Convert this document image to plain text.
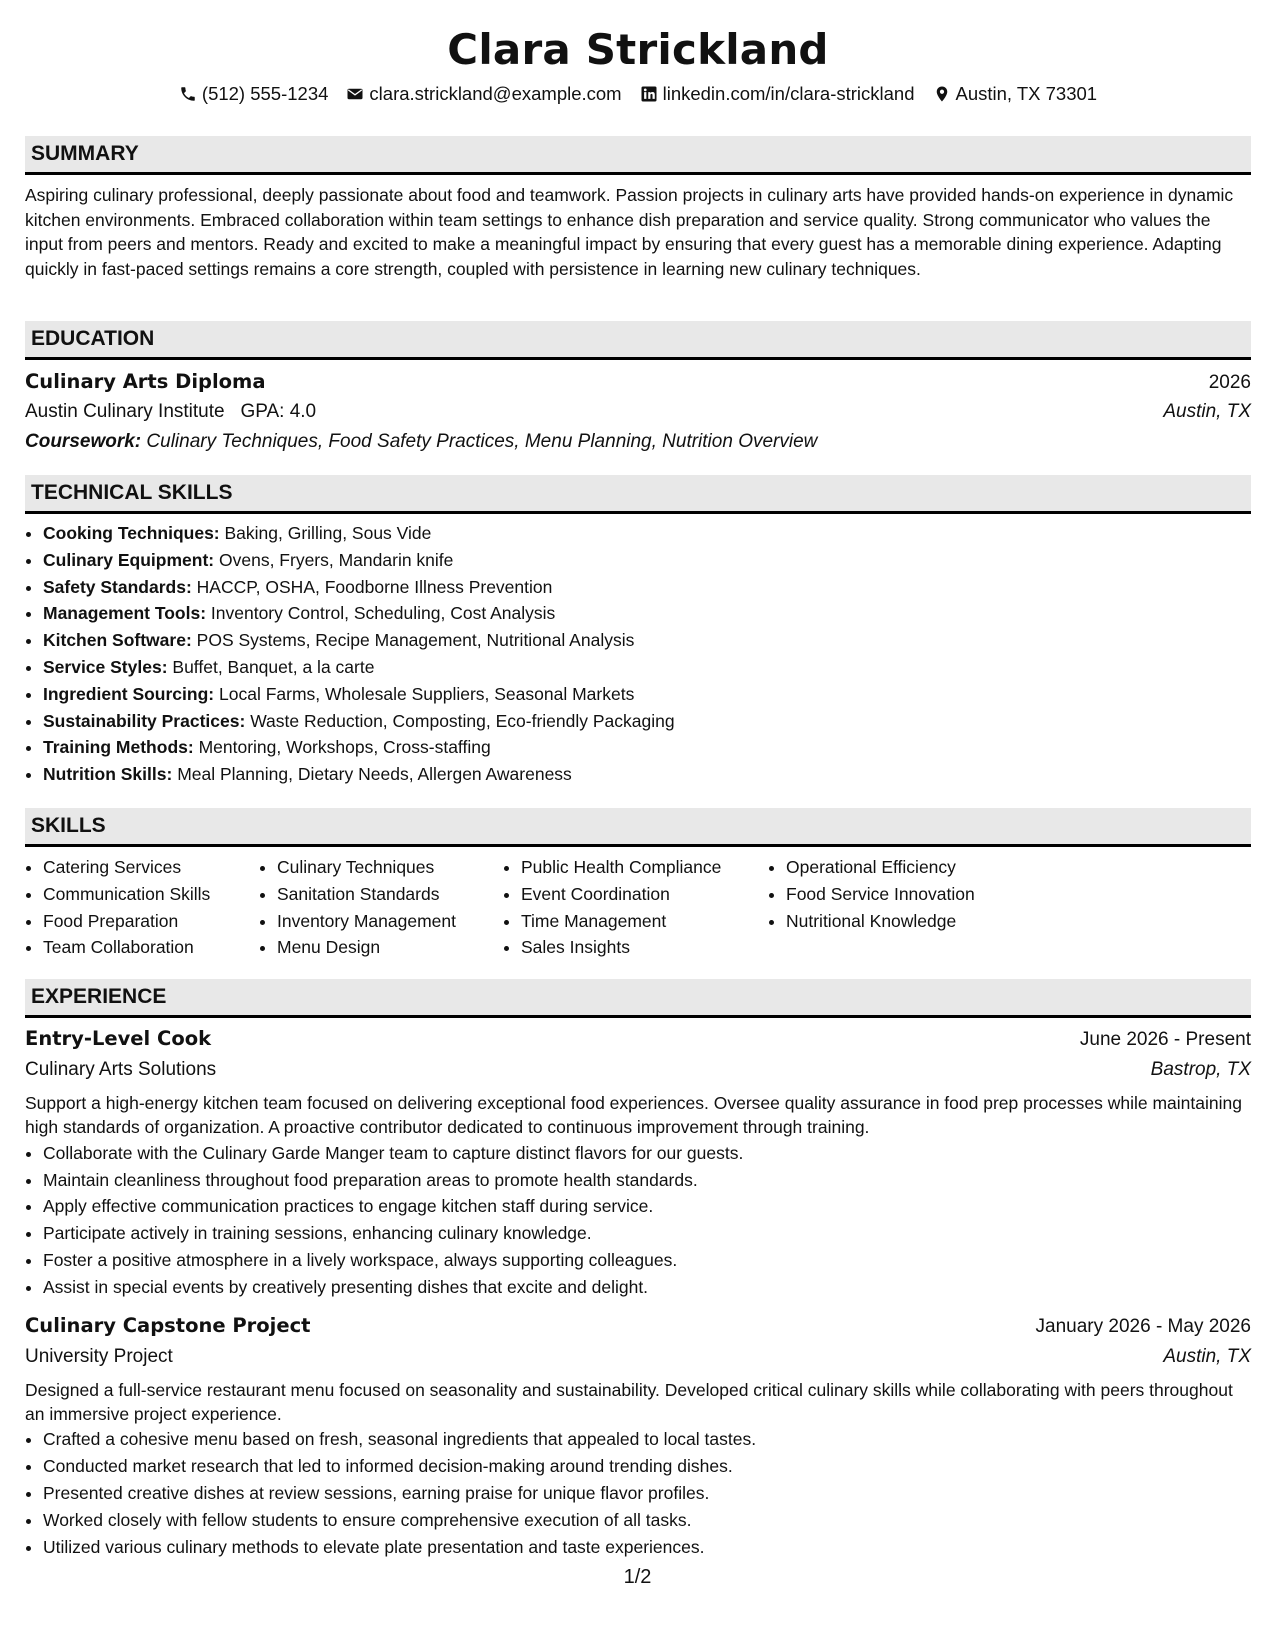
Clara Strickland
(512) 555-1234 clara.strickland@example.com linkedin.com/in/clara-strickland Austin, TX 73301
SUMMARY
Aspiring culinary professional, deeply passionate about food and teamwork. Passion projects in culinary arts have provided hands-on experience in dynamic kitchen environments. Embraced collaboration within team settings to enhance dish preparation and service quality. Strong communicator who values the input from peers and mentors. Ready and excited to make a meaningful impact by ensuring that every guest has a memorable dining experience. Adapting quickly in fast-paced settings remains a core strength, coupled with persistence in learning new culinary techniques.
EDUCATION
Culinary Arts Diploma	2026
Austin Culinary Institute GPA: 4.0	Austin, TX
Coursework: Culinary Techniques, Food Safety Practices, Menu Planning, Nutrition Overview
TECHNICAL SKILLS
• Cooking Techniques: Baking, Grilling, Sous Vide
• Culinary Equipment: Ovens, Fryers, Mandarin knife
• Safety Standards: HACCP, OSHA, Foodborne Illness Prevention
• Management Tools: Inventory Control, Scheduling, Cost Analysis
• Kitchen Software: POS Systems, Recipe Management, Nutritional Analysis
• Service Styles: Buffet, Banquet, a la carte
• Ingredient Sourcing: Local Farms, Wholesale Suppliers, Seasonal Markets
• Sustainability Practices: Waste Reduction, Composting, Eco-friendly Packaging
• Training Methods: Mentoring, Workshops, Cross-staffing
• Nutrition Skills: Meal Planning, Dietary Needs, Allergen Awareness
SKILLS
• Catering Services
• Communication Skills
• Food Preparation
• Team Collaboration
• Culinary Techniques
• Sanitation Standards
• Inventory Management
• Menu Design
• Public Health Compliance
• Event Coordination
• Time Management
• Sales Insights
• Operational Efficiency
• Food Service Innovation
• Nutritional Knowledge
EXPERIENCE
Entry-Level Cook	June 2026 - Present
Culinary Arts Solutions	Bastrop, TX
Support a high-energy kitchen team focused on delivering exceptional food experiences. Oversee quality assurance in food prep processes while maintaining high standards of organization. A proactive contributor dedicated to continuous improvement through training.
• Collaborate with the Culinary Garde Manger team to capture distinct flavors for our guests.
• Maintain cleanliness throughout food preparation areas to promote health standards.
• Apply effective communication practices to engage kitchen staff during service.
• Participate actively in training sessions, enhancing culinary knowledge.
• Foster a positive atmosphere in a lively workspace, always supporting colleagues.
• Assist in special events by creatively presenting dishes that excite and delight.
Culinary Capstone Project	January 2026 - May 2026
University Project	Austin, TX
Designed a full-service restaurant menu focused on seasonality and sustainability. Developed critical culinary skills while collaborating with peers throughout an immersive project experience.
• Crafted a cohesive menu based on fresh, seasonal ingredients that appealed to local tastes.
• Conducted market research that led to informed decision-making around trending dishes.
• Presented creative dishes at review sessions, earning praise for unique flavor profiles.
• Worked closely with fellow students to ensure comprehensive execution of all tasks.
• Utilized various culinary methods to elevate plate presentation and taste experiences.
1/2
